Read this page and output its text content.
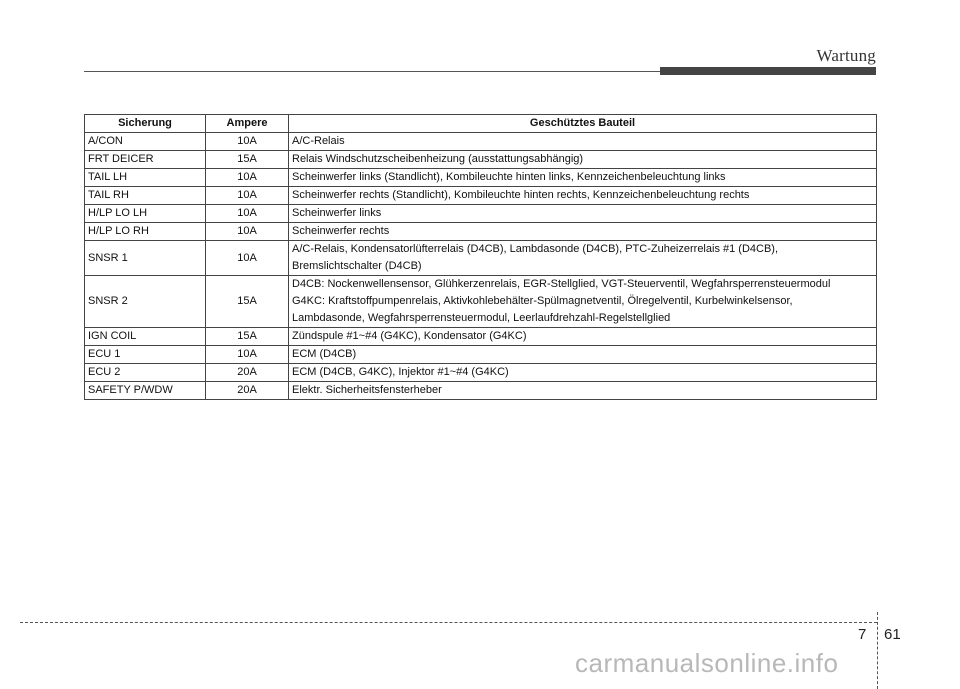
Wartung
Sicherung	Ampere	Geschütztes Bauteil
A/CON	10A	A/C-Relais

FRT DEICER	15A	Relais Windschutzscheibenheizung (ausstattungsabhängig)

TAIL LH	10A	Scheinwerfer links (Standlicht), Kombileuchte hinten links, Kennzeichenbeleuchtung links

TAIL RH	10A	Scheinwerfer rechts (Standlicht), Kombileuchte hinten rechts, Kennzeichenbeleuchtung rechts

H/LP LO LH	10A	Scheinwerfer links

H/LP LO RH	10A	Scheinwerfer rechts

SNSR 1	10A	A/C-Relais, Kondensatorlüfterrelais (D4CB), Lambdasonde (D4CB), PTC-Zuheizerrelais #1 (D4CB),
Bremslichtschalter (D4CB)

SNSR 2	15A	D4CB: Nockenwellensensor, Glühkerzenrelais, EGR-Stellglied, VGT-Steuerventil, Wegfahrsperrensteuermodul
G4KC: Kraftstoffpumpenrelais, Aktivkohlebehälter-Spülmagnetventil, Ölregelventil, Kurbelwinkelsensor,
Lambdasonde, Wegfahrsperrensteuermodul, Leerlaufdrehzahl-Regelstellglied

IGN COIL	15A	Zündspule #1~#4 (G4KC), Kondensator (G4KC)

ECU 1	10A	ECM (D4CB)

ECU 2	20A	ECM (D4CB, G4KC), Injektor #1~#4 (G4KC)

SAFETY P/WDW	20A	Elektr. Sicherheitsfensterheber
7 61
carmanualsonline.info
